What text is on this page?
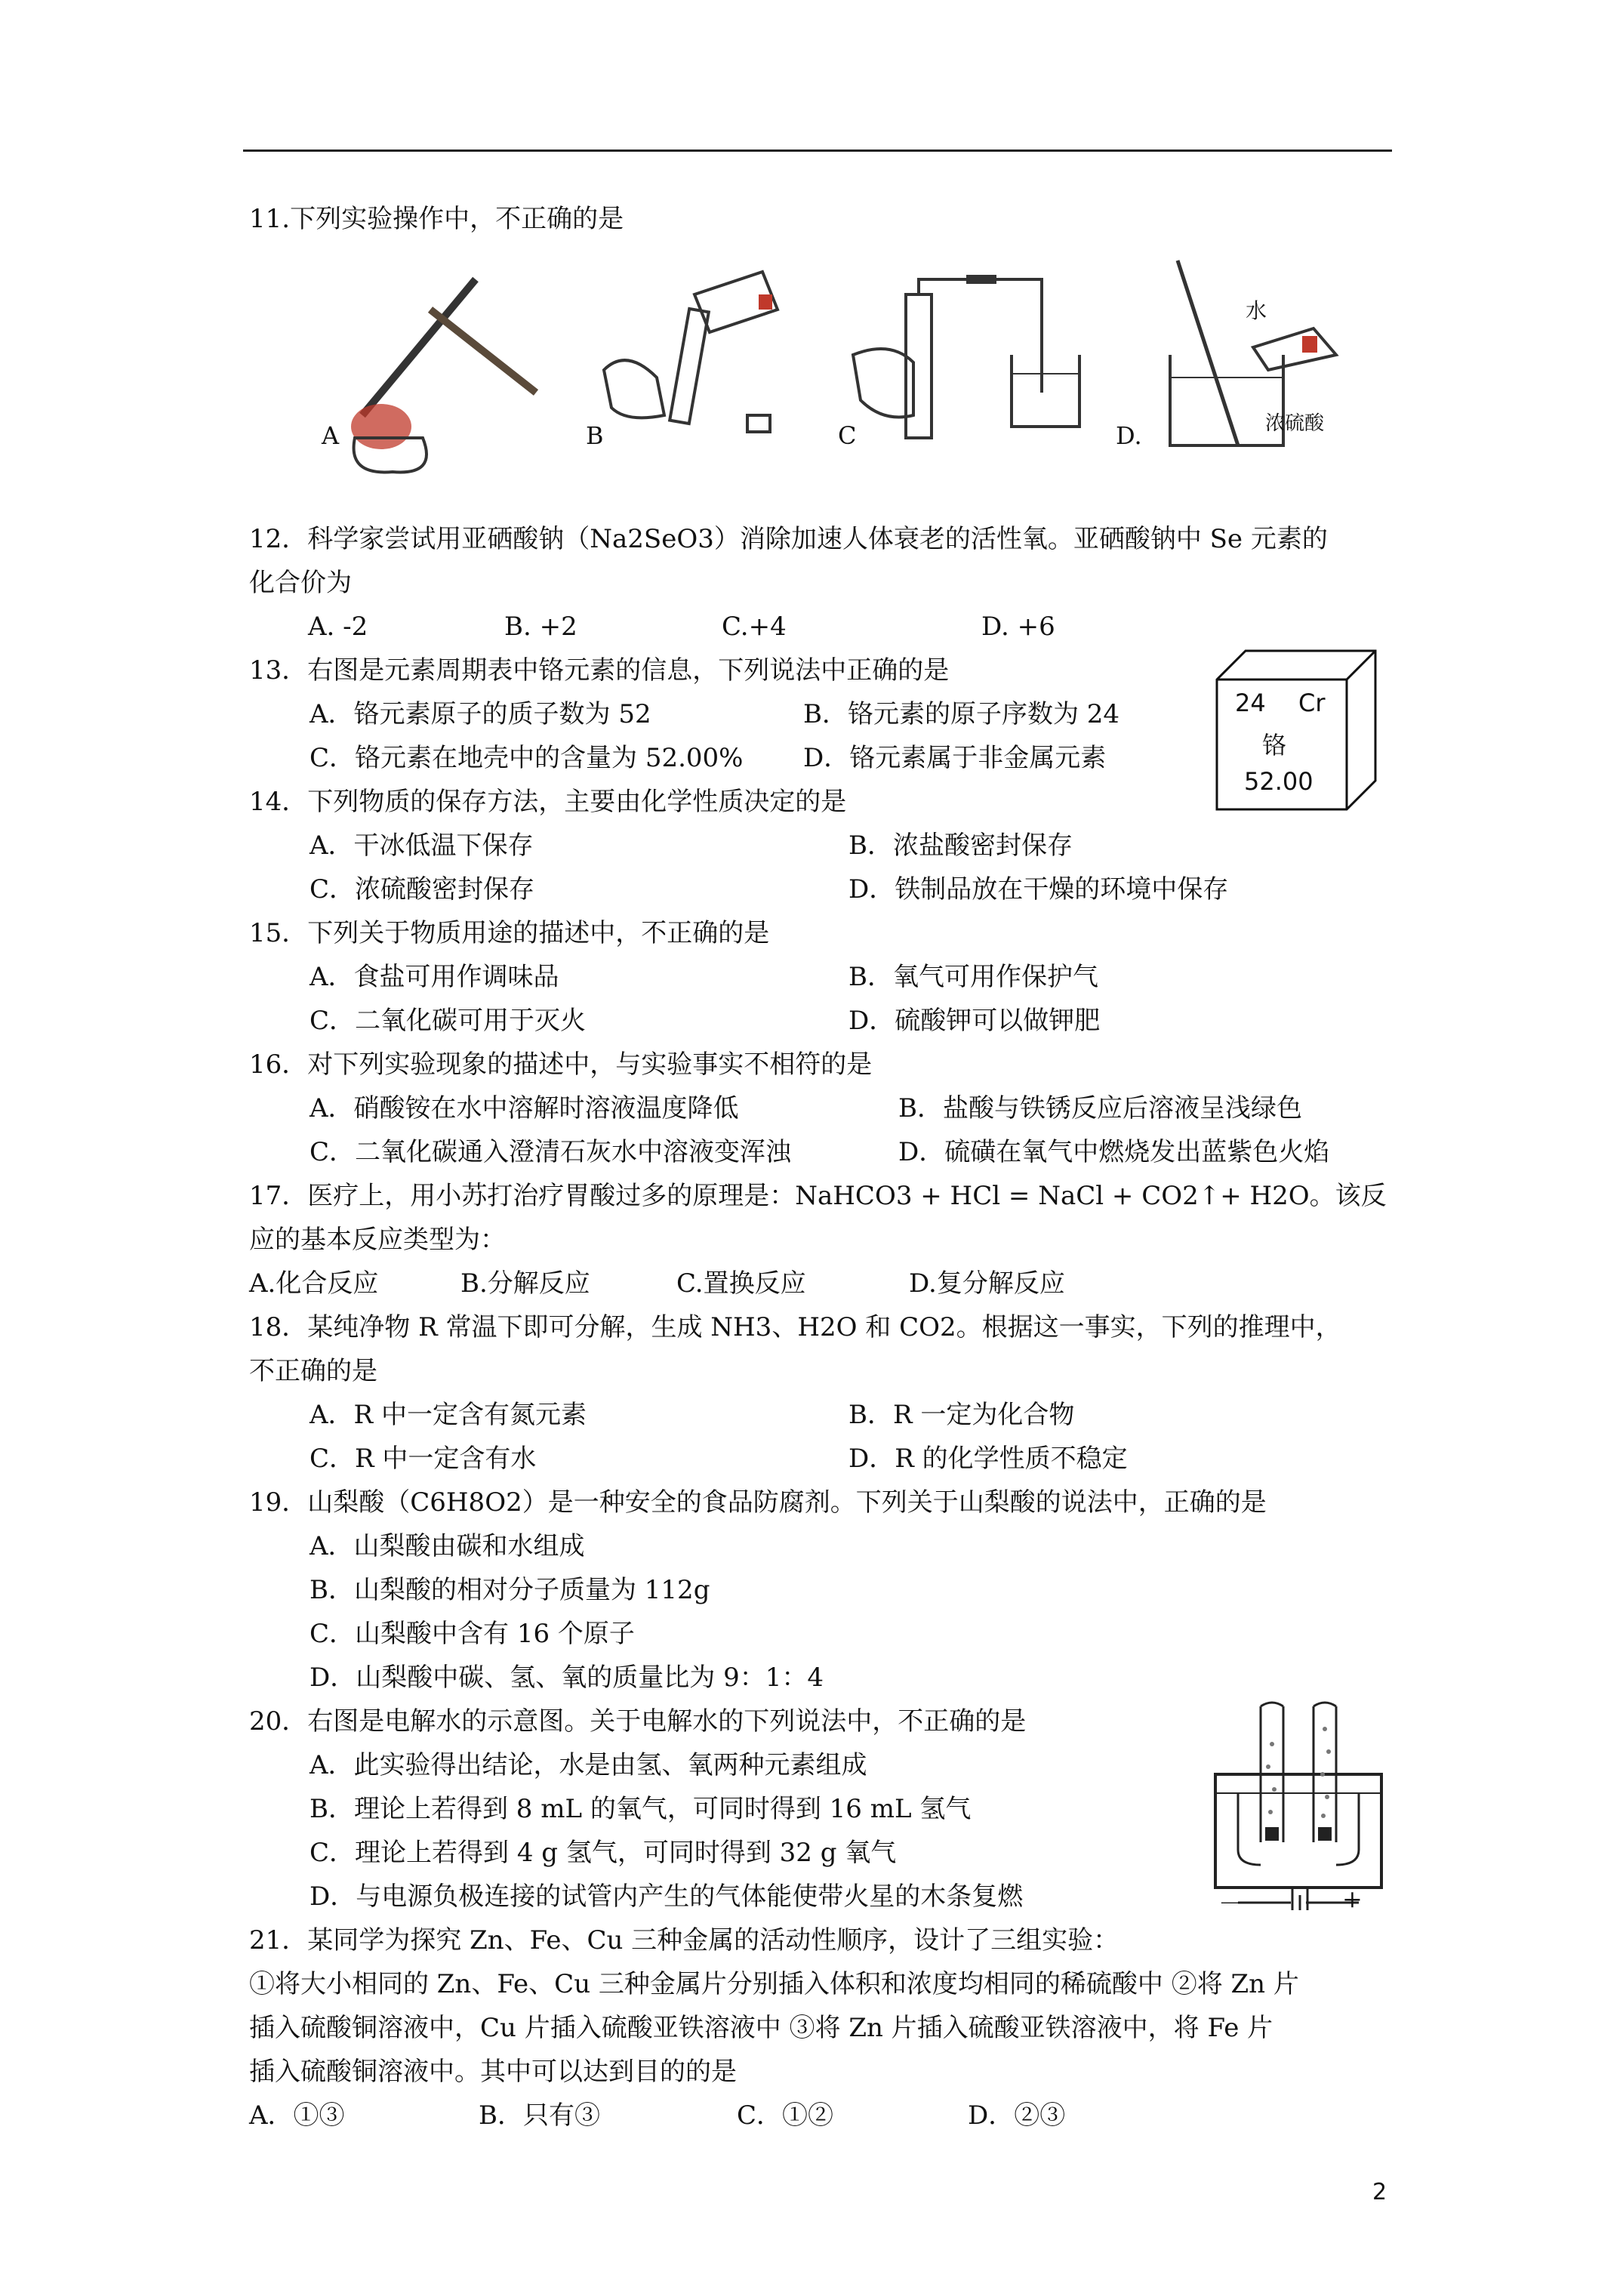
11.下列实验操作中，不正确的是
A	B	C
水
浓硫酸
D.
12．科学家尝试用亚硒酸钠（Na2SeO3）消除加速人体衰老的活性氧。亚硒酸钠中 Se 元素的
化合价为
A. -2	B. +2	C.+4	D. +6
13．右图是元素周期表中铬元素的信息，下列说法中正确的是
A．铬元素原子的质子数为 52	B．铬元素的原子序数为 24
C．铬元素在地壳中的含量为 52.00% D．铬元素属于非金属元素
24 Cr
铬
52.00
14．下列物质的保存方法，主要由化学性质决定的是
A．干冰低温下保存	B．浓盐酸密封保存
C．浓硫酸密封保存	D．铁制品放在干燥的环境中保存
15．下列关于物质用途的描述中，不正确的是
A．食盐可用作调味品	B．氧气可用作保护气
C．二氧化碳可用于灭火	D．硫酸钾可以做钾肥
16．对下列实验现象的描述中，与实验事实不相符的是
A．硝酸铵在水中溶解时溶液温度降低	B．盐酸与铁锈反应后溶液呈浅绿色
C．二氧化碳通入澄清石灰水中溶液变浑浊	D．硫磺在氧气中燃烧发出蓝紫色火焰
17．医疗上，用小苏打治疗胃酸过多的原理是：NaHCO3 + HCl = NaCl + CO2↑+ H2O。该反
应的基本反应类型为：
A.化合反应	B.分解反应	C.置换反应	D.复分解反应
18．某纯净物 R 常温下即可分解，生成 NH3、H2O 和 CO2。根据这一事实，下列的推理中，
不正确的是
A．R 中一定含有氮元素	B．R 一定为化合物
C．R 中一定含有水	D．R 的化学性质不稳定
19．山梨酸（C6H8O2）是一种安全的食品防腐剂。下列关于山梨酸的说法中，正确的是
A．山梨酸由碳和水组成
B．山梨酸的相对分子质量为 112g
C．山梨酸中含有 16 个原子
D．山梨酸中碳、氢、氧的质量比为 9：1：4
20．右图是电解水的示意图。关于电解水的下列说法中，不正确的是
A．此实验得出结论，水是由氢、氧两种元素组成
B．理论上若得到 8 mL 的氧气，可同时得到 16 mL 氢气
C．理论上若得到 4 g 氢气，可同时得到 32 g 氧气
D．与电源负极连接的试管内产生的气体能使带火星的木条复燃	－	+
21．某同学为探究 Zn、Fe、Cu 三种金属的活动性顺序，设计了三组实验：
①将大小相同的 Zn、Fe、Cu 三种金属片分别插入体积和浓度均相同的稀硫酸中 ②将 Zn 片
插入硫酸铜溶液中，Cu 片插入硫酸亚铁溶液中 ③将 Zn 片插入硫酸亚铁溶液中，将 Fe 片
插入硫酸铜溶液中。其中可以达到目的的是
A．①③	B．只有③	C．①②	D．②③
2
